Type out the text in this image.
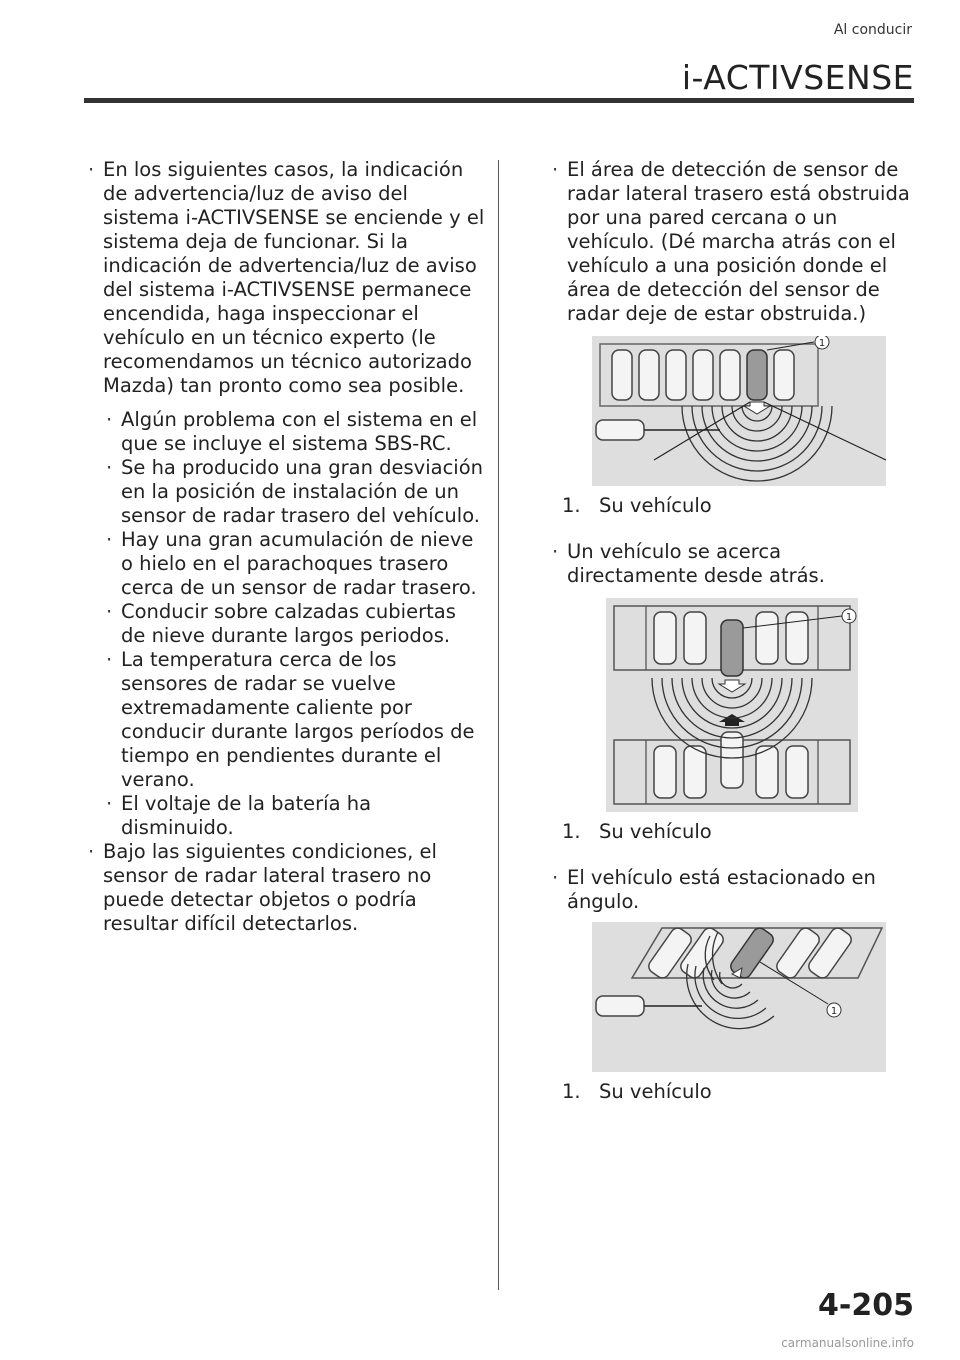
Al conducir
i-ACTIVSENSE

· En los siguientes casos, la indicación de advertencia/luz de aviso del sistema i-ACTIVSENSE se enciende y el sistema deja de funcionar. Si la indicación de advertencia/luz de aviso del sistema i-ACTIVSENSE permanece encendida, haga inspeccionar el vehículo en un técnico experto (le recomendamos un técnico autorizado Mazda) tan pronto como sea posible.

· Algún problema con el sistema en el que se incluye el sistema SBS-RC.

· Se ha producido una gran desviación en la posición de instalación de un sensor de radar trasero del vehículo.

· Hay una gran acumulación de nieve o hielo en el parachoques trasero cerca de un sensor de radar trasero.

· Conducir sobre calzadas cubiertas de nieve durante largos periodos.

· La temperatura cerca de los sensores de radar se vuelve extremadamente caliente por conducir durante largos períodos de tiempo en pendientes durante el verano.

· El voltaje de la batería ha disminuido.

· Bajo las siguientes condiciones, el sensor de radar lateral trasero no puede detectar objetos o podría resultar difícil detectarlos.

· El área de detección de sensor de radar lateral trasero está obstruida por una pared cercana o un vehículo. (Dé marcha atrás con el vehículo a una posición donde el área de detección del sensor de radar deje de estar obstruida.)

1

1. Su vehículo

· Un vehículo se acerca directamente desde atrás.

1

1. Su vehículo

· El vehículo está estacionado en ángulo.

1

1. Su vehículo

4-205
carmanualsonline.info
